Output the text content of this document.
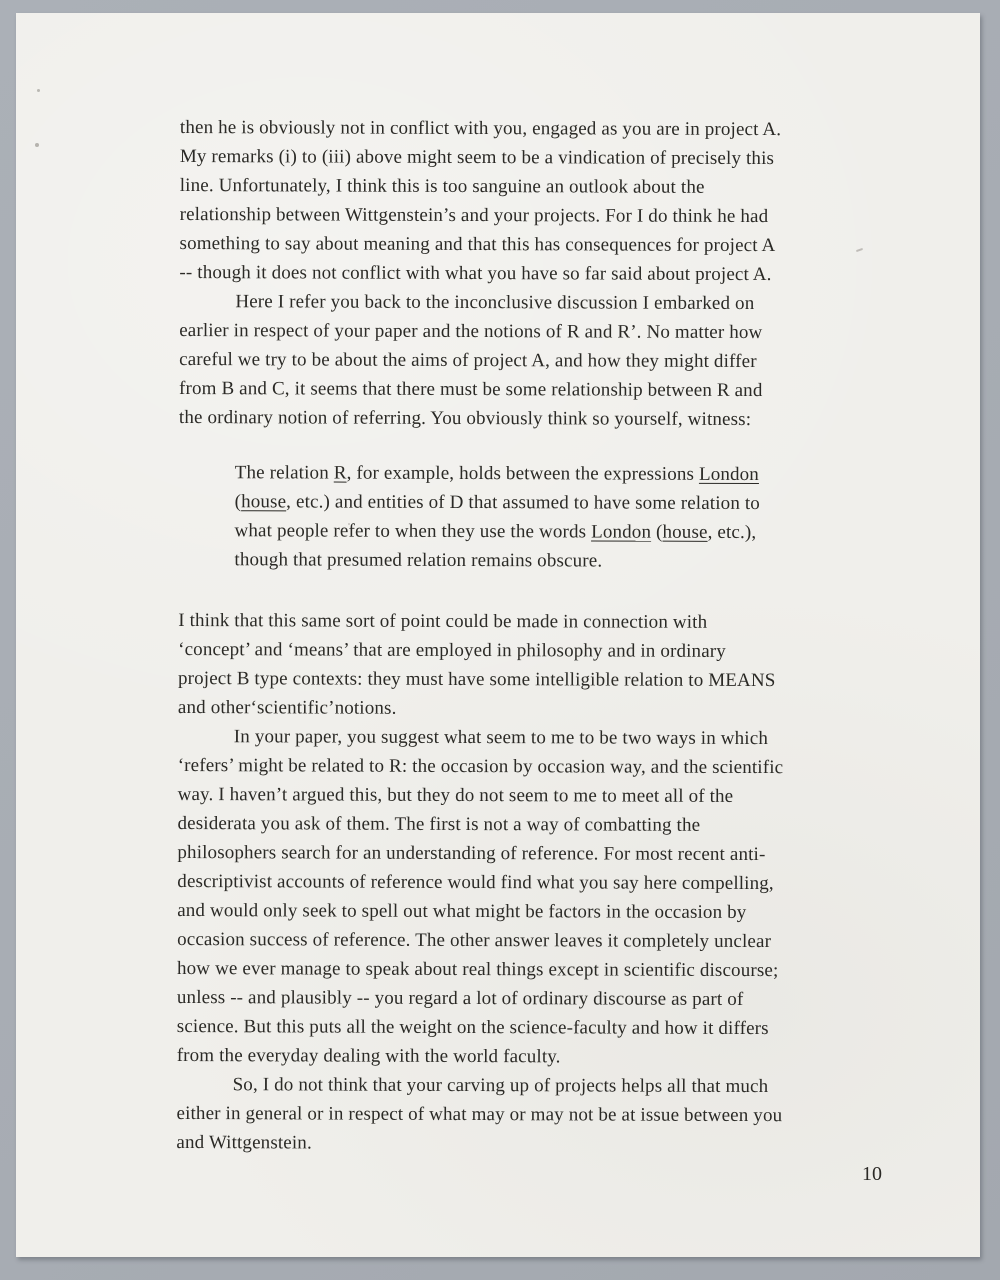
then he is obviously not in conflict with you, engaged as you are in project A.
My remarks (i) to (iii) above might seem to be a vindication of precisely this
line. Unfortunately, I think this is too sanguine an outlook about the
relationship between Wittgenstein’s and your projects. For I do think he had
something to say about meaning and that this has consequences for project A
-- though it does not conflict with what you have so far said about project A.
Here I refer you back to the inconclusive discussion I embarked on
earlier in respect of your paper and the notions of R and R’. No matter how
careful we try to be about the aims of project A, and how they might differ
from B and C, it seems that there must be some relationship between R and
the ordinary notion of referring. You obviously think so yourself, witness:
The relation R, for example, holds between the expressions London
(house, etc.) and entities of D that assumed to have some relation to
what people refer to when they use the words London (house, etc.),
though that presumed relation remains obscure.
I think that this same sort of point could be made in connection with
‘concept’ and ‘means’ that are employed in philosophy and in ordinary
project B type contexts: they must have some intelligible relation to MEANS
and otherʻscientificʼnotions.
In your paper, you suggest what seem to me to be two ways in which
‘refers’ might be related to R: the occasion by occasion way, and the scientific
way. I haven’t argued this, but they do not seem to me to meet all of the
desiderata you ask of them. The first is not a way of combatting the
philosophers search for an understanding of reference. For most recent anti-
descriptivist accounts of reference would find what you say here compelling,
and would only seek to spell out what might be factors in the occasion by
occasion success of reference. The other answer leaves it completely unclear
how we ever manage to speak about real things except in scientific discourse;
unless -- and plausibly -- you regard a lot of ordinary discourse as part of
science. But this puts all the weight on the science-faculty and how it differs
from the everyday dealing with the world faculty.
So, I do not think that your carving up of projects helps all that much
either in general or in respect of what may or may not be at issue between you
and Wittgenstein.
10
